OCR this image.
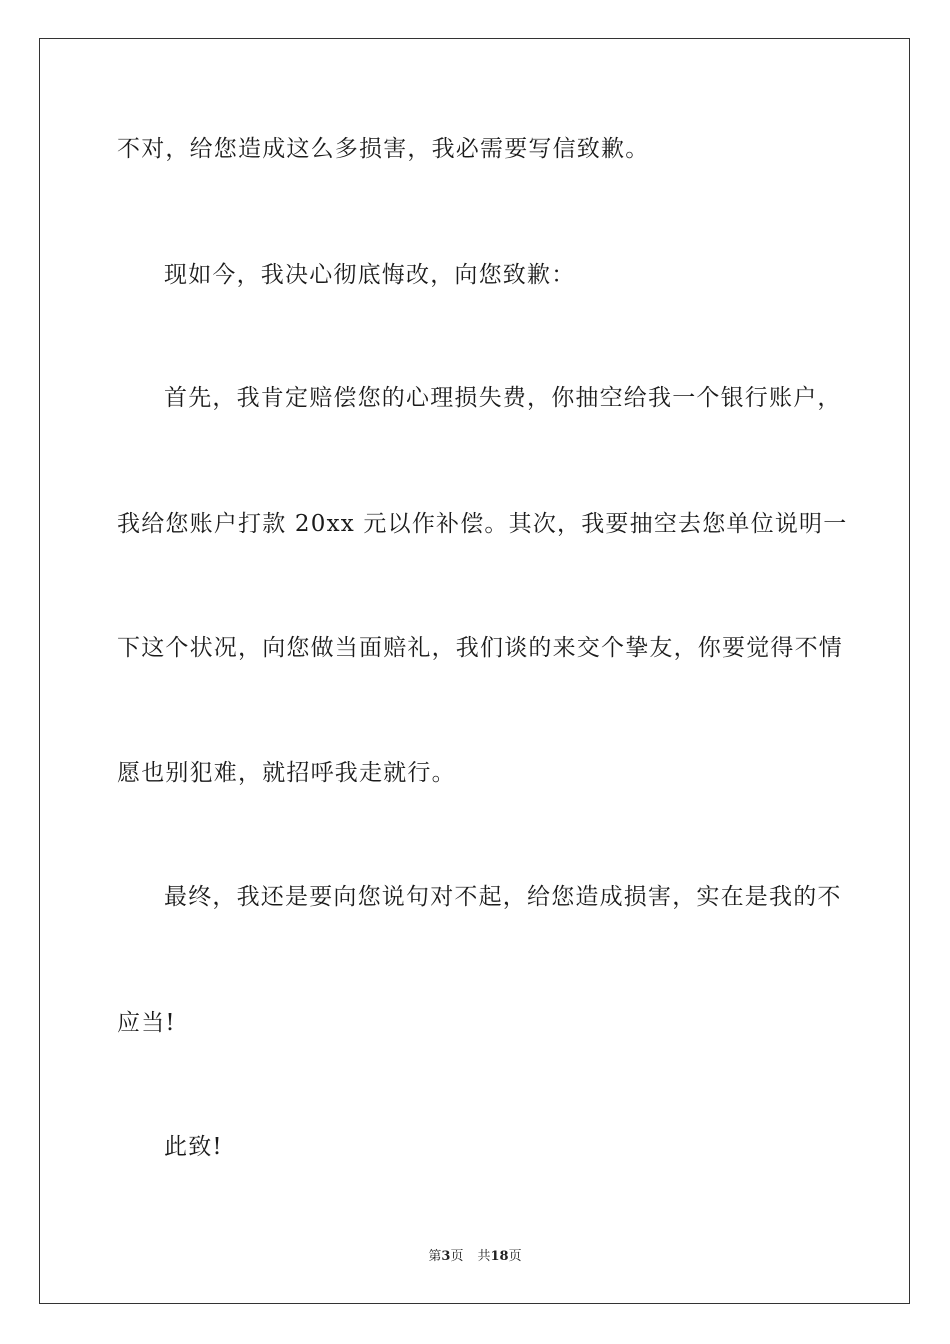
不对，给您造成这么多损害，我必需要写信致歉。
现如今，我决心彻底悔改，向您致歉：
首先，我肯定赔偿您的心理损失费，你抽空给我一个银行账户，
我给您账户打款 20xx 元以作补偿。其次，我要抽空去您单位说明一
下这个状况，向您做当面赔礼，我们谈的来交个挚友，你要觉得不情
愿也别犯难，就招呼我走就行。
最终，我还是要向您说句对不起，给您造成损害，实在是我的不
应当!
此致!
第3页 共18页
